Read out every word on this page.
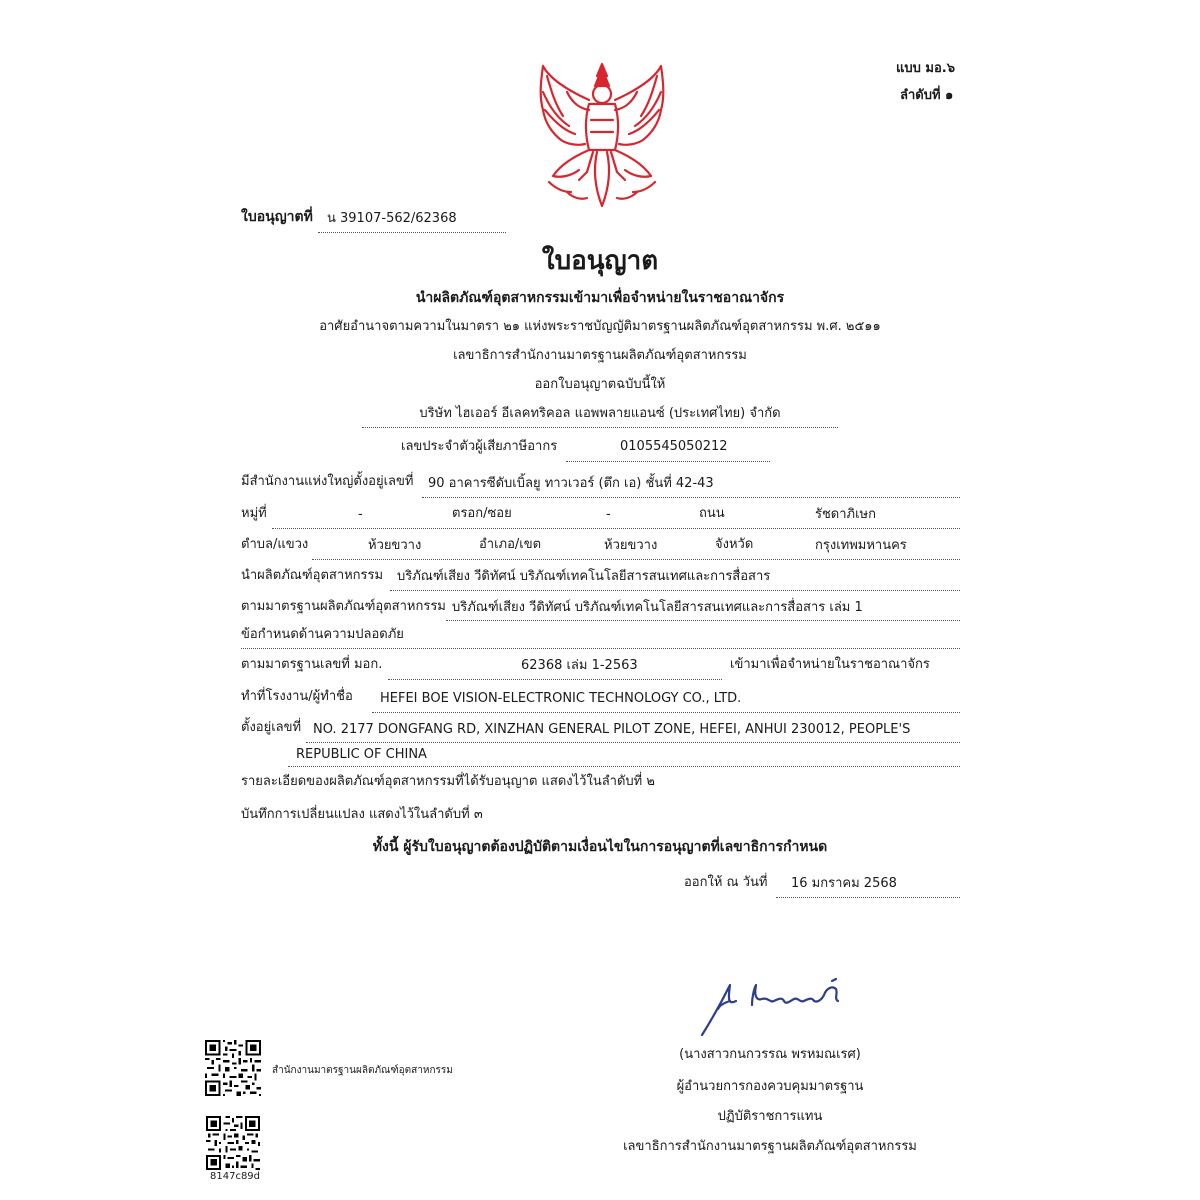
แบบ มอ.๖
ลำดับที่ ๑
ใบอนุญาตที่ น 39107-562/62368
ใบอนุญาต
นำผลิตภัณฑ์อุตสาหกรรมเข้ามาเพื่อจำหน่ายในราชอาณาจักร
อาศัยอำนาจตามความในมาตรา ๒๑ แห่งพระราชบัญญัติมาตรฐานผลิตภัณฑ์อุตสาหกรรม พ.ศ. ๒๕๑๑
เลขาธิการสำนักงานมาตรฐานผลิตภัณฑ์อุตสาหกรรม
ออกใบอนุญาตฉบับนี้ให้
บริษัท ไฮเออร์ อีเลคทริคอล แอพพลายแอนซ์ (ประเทศไทย) จำกัด
เลขประจำตัวผู้เสียภาษีอากร	0105545050212
มีสำนักงานแห่งใหญ่ตั้งอยู่เลขที่ 90 อาคารซีดับเบิ้ลยู ทาวเวอร์ (ตึก เอ) ชั้นที่ 42-43
หมู่ที่	-	ตรอก/ซอย	-	ถนน	รัชดาภิเษก
ตำบล/แขวง	ห้วยขวาง	อำเภอ/เขต	ห้วยขวาง	จังหวัด	กรุงเทพมหานคร
นำผลิตภัณฑ์อุตสาหกรรม บริภัณฑ์เสียง วีดิทัศน์ บริภัณฑ์เทคโนโลยีสารสนเทศและการสื่อสาร
ตามมาตรฐานผลิตภัณฑ์อุตสาหกรรม บริภัณฑ์เสียง วีดิทัศน์ บริภัณฑ์เทคโนโลยีสารสนเทศและการสื่อสาร เล่ม 1
ข้อกำหนดด้านความปลอดภัย
ตามมาตรฐานเลขที่ มอก.	62368 เล่ม 1-2563	เข้ามาเพื่อจำหน่ายในราชอาณาจักร
ทำที่โรงงาน/ผู้ทำชื่อ HEFEI BOE VISION-ELECTRONIC TECHNOLOGY CO., LTD.
ตั้งอยู่เลขที่ NO. 2177 DONGFANG RD, XINZHAN GENERAL PILOT ZONE, HEFEI, ANHUI 230012, PEOPLE'S
REPUBLIC OF CHINA
รายละเอียดของผลิตภัณฑ์อุตสาหกรรมที่ได้รับอนุญาต แสดงไว้ในลำดับที่ ๒
บันทึกการเปลี่ยนแปลง แสดงไว้ในลำดับที่ ๓
ทั้งนี้ ผู้รับใบอนุญาตต้องปฏิบัติตามเงื่อนไขในการอนุญาตที่เลขาธิการกำหนด
ออกให้ ณ วันที่ 16 มกราคม 2568
(นางสาวกนกวรรณ พรหมณเรศ)
ผู้อำนวยการกองควบคุมมาตรฐาน
ปฏิบัติราชการแทน
เลขาธิการสำนักงานมาตรฐานผลิตภัณฑ์อุตสาหกรรม
สำนักงานมาตรฐานผลิตภัณฑ์อุตสาหกรรม
8147c89d
